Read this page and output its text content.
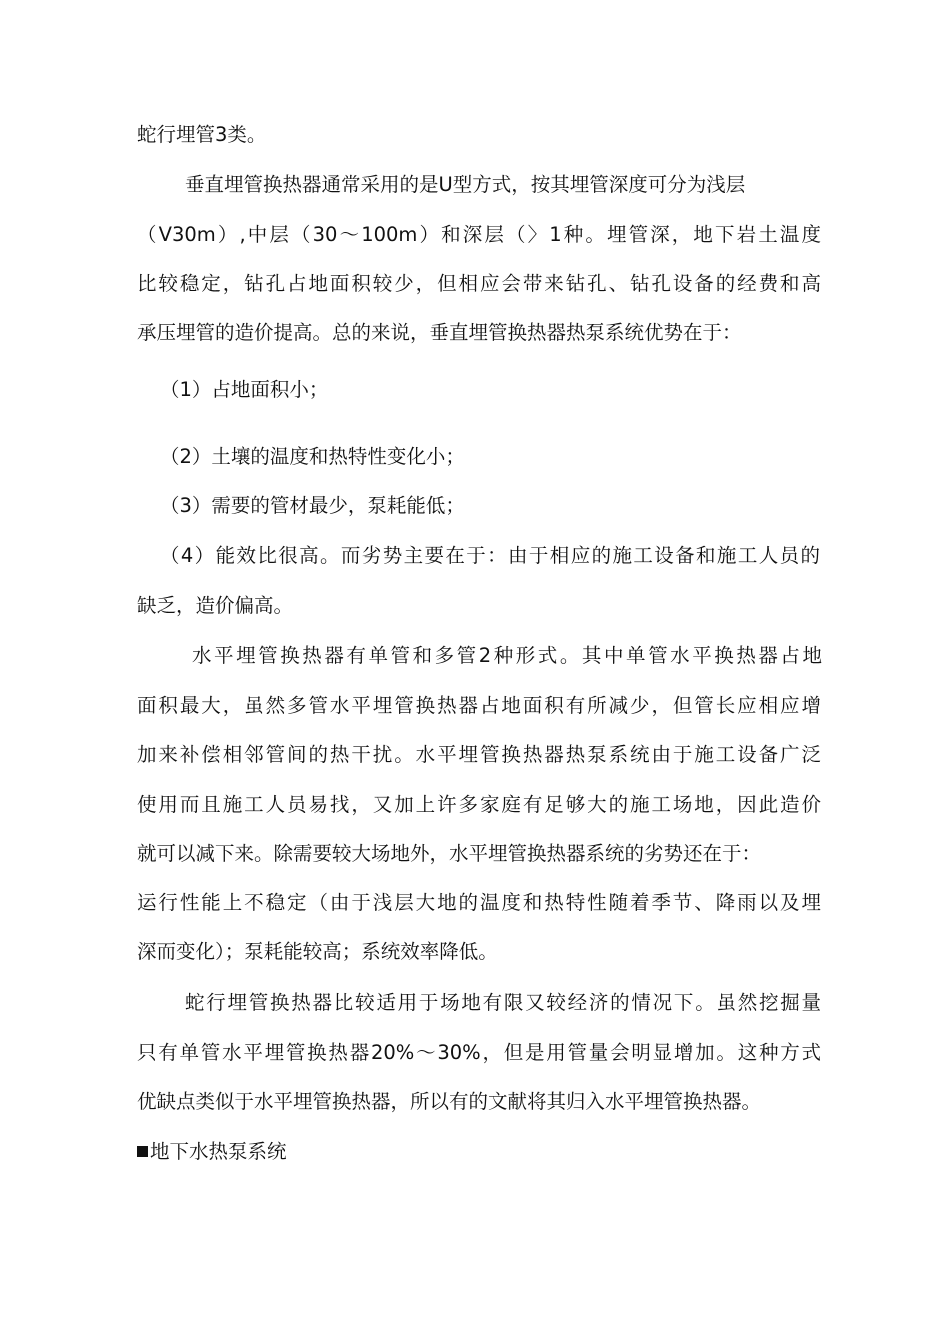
蛇行埋管3类。
垂直埋管换热器通常采用的是U型方式，按其埋管深度可分为浅层
（V30m）,中层（30～100m）和深层（〉1种。埋管深，地下岩土温度
比较稳定，钻孔占地面积较少，但相应会带来钻孔、钻孔设备的经费和高
承压埋管的造价提高。总的来说，垂直埋管换热器热泵系统优势在于：
（1）占地面积小；
（2）土壤的温度和热特性变化小；
（3）需要的管材最少，泵耗能低；
（4）能效比很高。而劣势主要在于：由于相应的施工设备和施工人员的
缺乏，造价偏高。
水平埋管换热器有单管和多管2种形式。其中单管水平换热器占地
面积最大，虽然多管水平埋管换热器占地面积有所减少，但管长应相应增
加来补偿相邻管间的热干扰。水平埋管换热器热泵系统由于施工设备广泛
使用而且施工人员易找，又加上许多家庭有足够大的施工场地，因此造价
就可以减下来。除需要较大场地外，水平埋管换热器系统的劣势还在于：
运行性能上不稳定（由于浅层大地的温度和热特性随着季节、降雨以及埋
深而变化）；泵耗能较高；系统效率降低。
蛇行埋管换热器比较适用于场地有限又较经济的情况下。虽然挖掘量
只有单管水平埋管换热器20%～30%，但是用管量会明显增加。这种方式
优缺点类似于水平埋管换热器，所以有的文献将其归入水平埋管换热器。
地下水热泵系统
